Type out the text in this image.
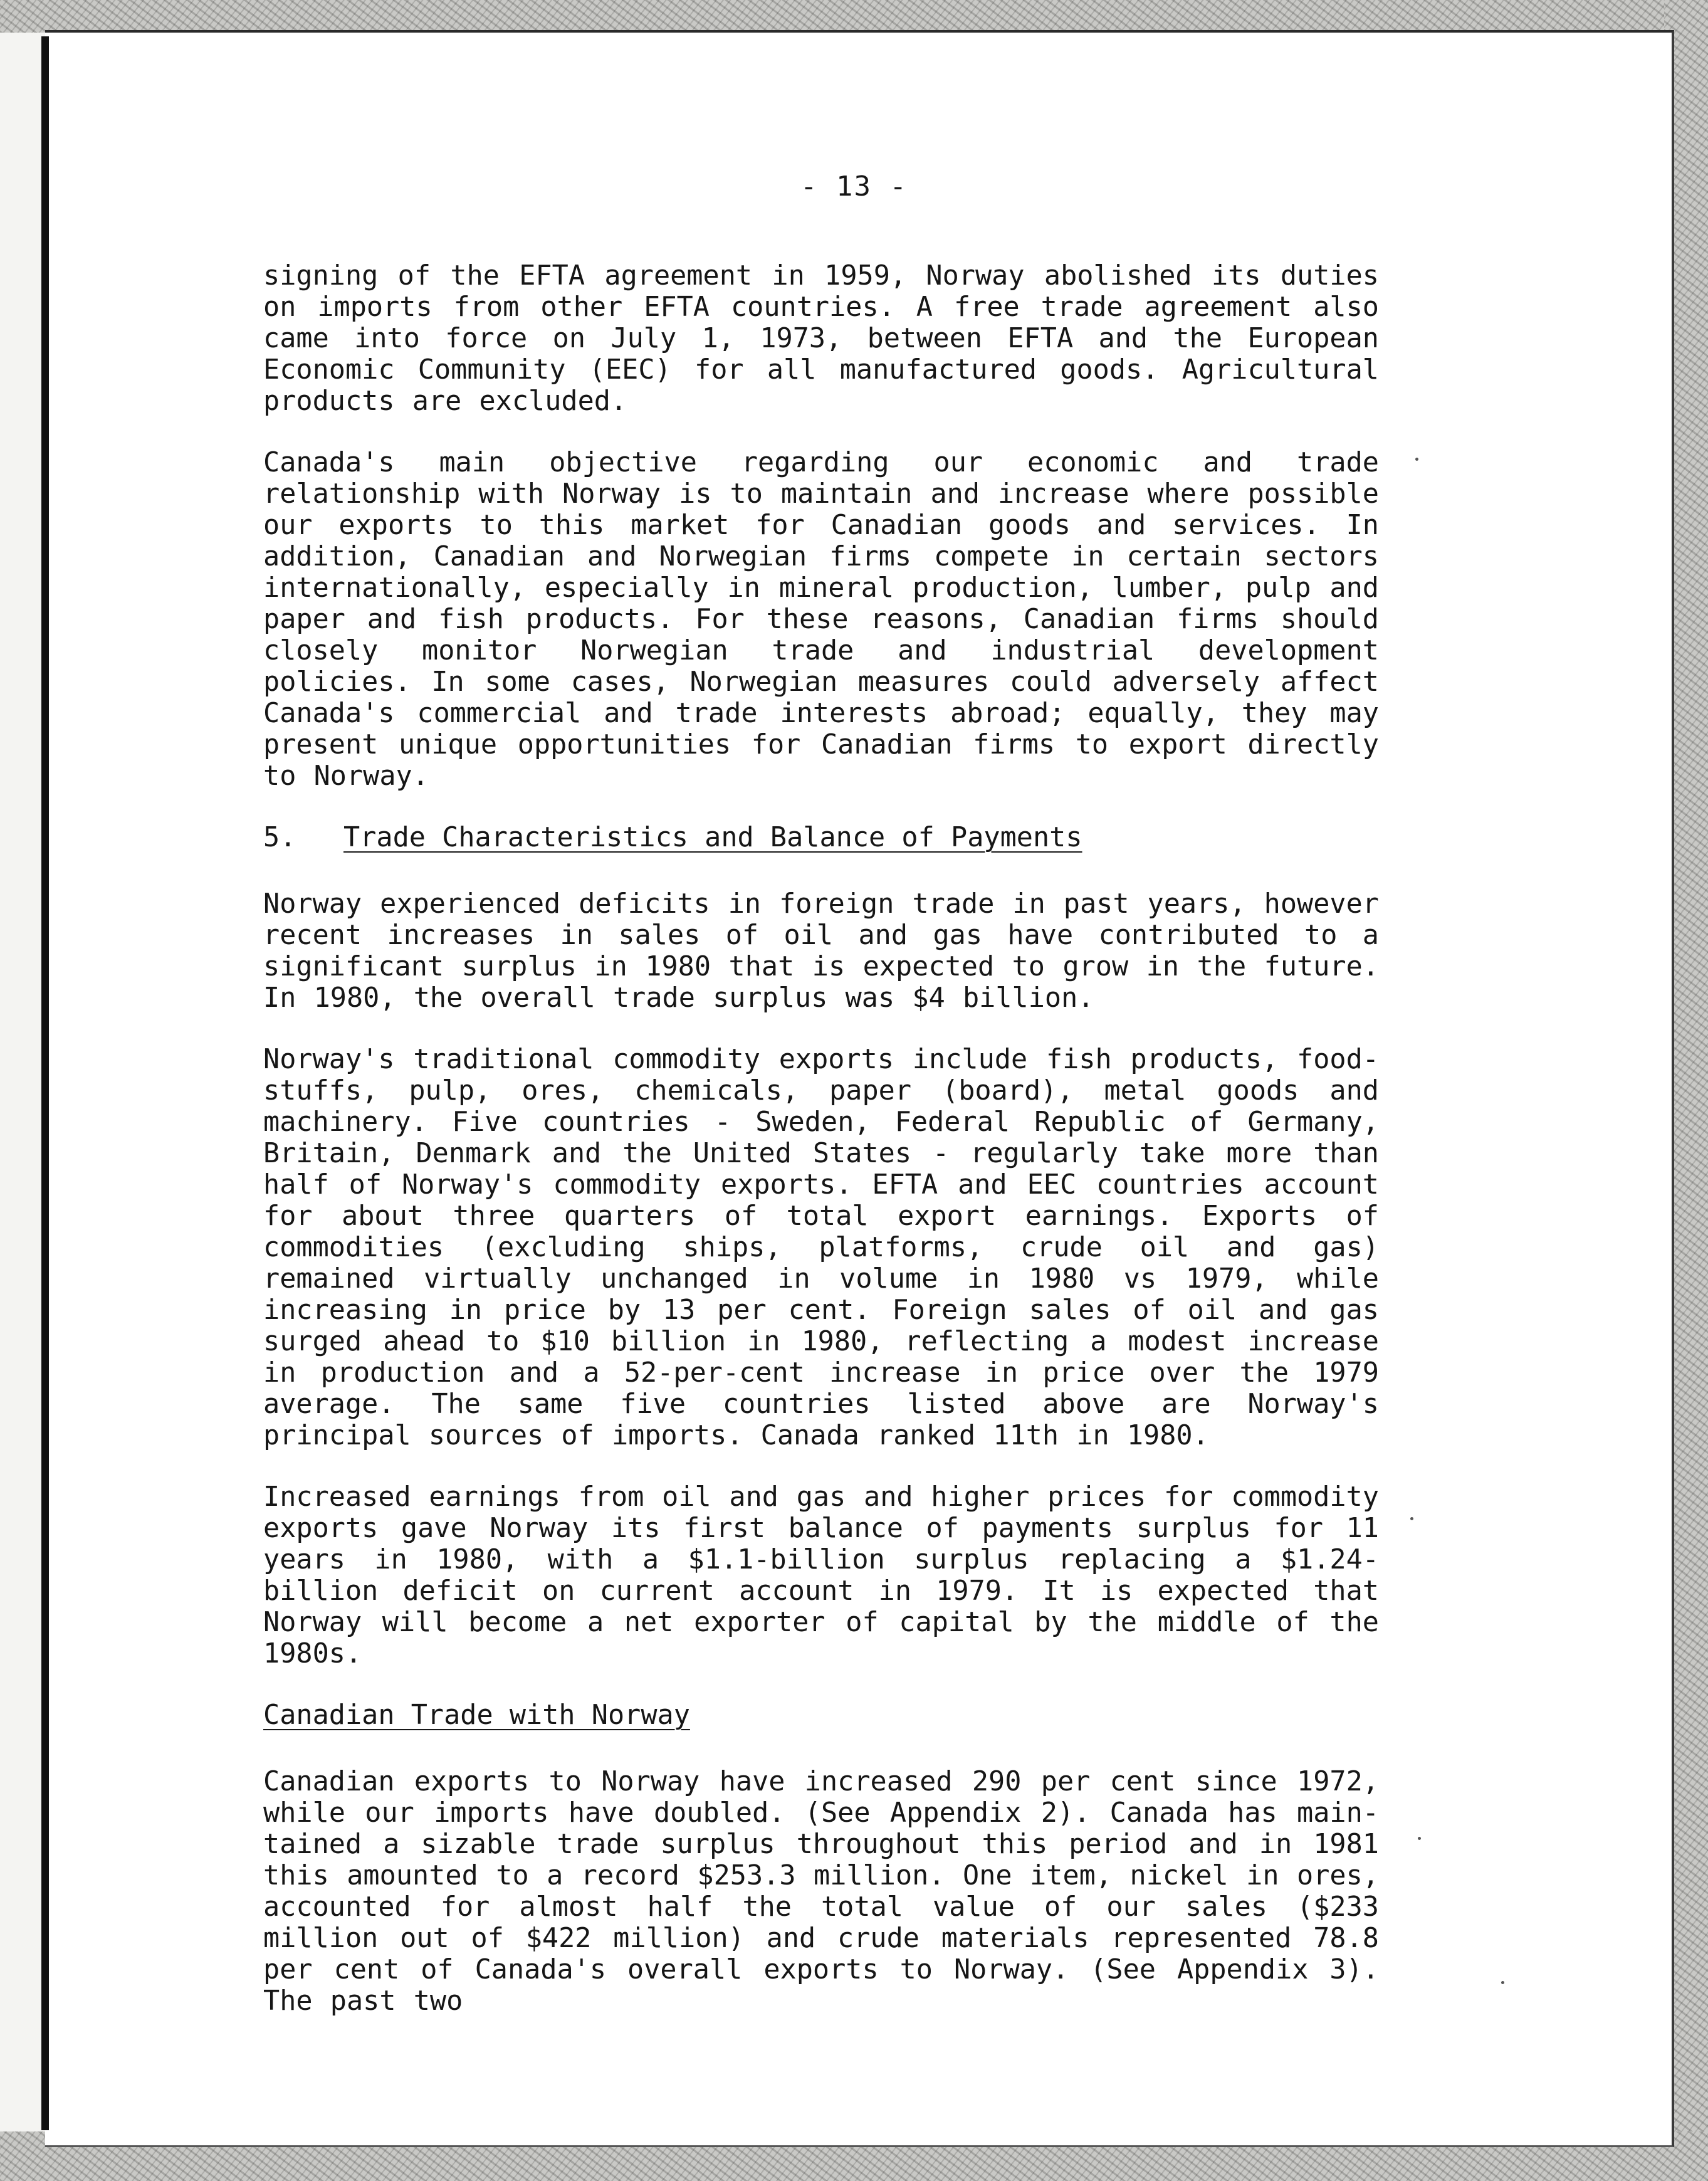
- 13 -

signing of the EFTA agreement in 1959, Norway abolished its duties on imports from other EFTA countries. A free trade agreement also came into force on July 1, 1973, between EFTA and the European Economic Community (EEC) for all manufactured goods. Agricultural products are excluded.

Canada's main objective regarding our economic and trade relationship with Norway is to maintain and increase where possible our exports to this market for Canadian goods and services. In addition, Canadian and Norwegian firms compete in certain sectors internationally, especially in mineral production, lumber, pulp and paper and fish products. For these reasons, Canadian firms should closely monitor Norwegian trade and industrial development policies. In some cases, Norwegian measures could adversely affect Canada's commercial and trade interests abroad; equally, they may present unique opportunities for Canadian firms to export directly to Norway.

5. Trade Characteristics and Balance of Payments

Norway experienced deficits in foreign trade in past years, however recent increases in sales of oil and gas have contributed to a significant surplus in 1980 that is expected to grow in the future. In 1980, the overall trade surplus was $4 billion.

Norway's traditional commodity exports include fish products, food-stuffs, pulp, ores, chemicals, paper (board), metal goods and machinery. Five countries - Sweden, Federal Republic of Germany, Britain, Denmark and the United States - regularly take more than half of Norway's commodity exports. EFTA and EEC countries account for about three quarters of total export earnings. Exports of commodities (excluding ships, platforms, crude oil and gas) remained virtually unchanged in volume in 1980 vs 1979, while increasing in price by 13 per cent. Foreign sales of oil and gas surged ahead to $10 billion in 1980, reflecting a modest increase in production and a 52-per-cent increase in price over the 1979 average. The same five countries listed above are Norway's principal sources of imports. Canada ranked 11th in 1980.

Increased earnings from oil and gas and higher prices for commodity exports gave Norway its first balance of payments surplus for 11 years in 1980, with a $1.1-billion surplus replacing a $1.24-billion deficit on current account in 1979. It is expected that Norway will become a net exporter of capital by the middle of the 1980s.

Canadian Trade with Norway

Canadian exports to Norway have increased 290 per cent since 1972, while our imports have doubled. (See Appendix 2). Canada has main-tained a sizable trade surplus throughout this period and in 1981 this amounted to a record $253.3 million. One item, nickel in ores, accounted for almost half the total value of our sales ($233 million out of $422 million) and crude materials represented 78.8 per cent of Canada's overall exports to Norway. (See Appendix 3). The past two
